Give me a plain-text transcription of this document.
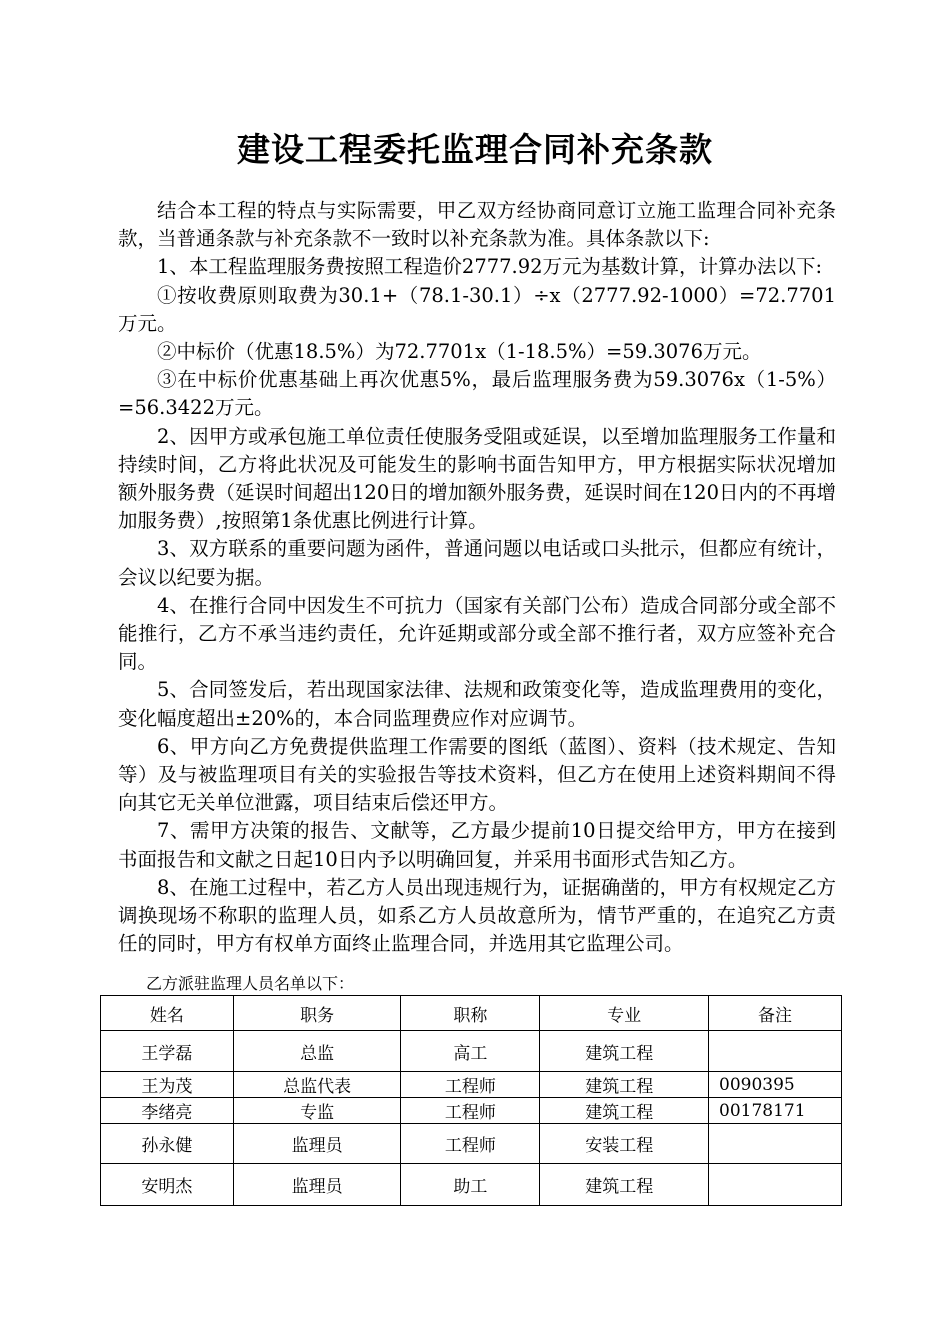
建设工程委托监理合同补充条款

结合本工程的特点与实际需要，甲乙双方经协商同意订立施工监理合同补充条款，当普通条款与补充条款不一致时以补充条款为准。具体条款以下:

1、本工程监理服务费按照工程造价2777.92万元为基数计算，计算办法以下:

①按收费原则取费为30.1+（78.1-30.1）÷x（2777.92-1000）=72.7701万元。

②中标价（优惠18.5%）为72.7701x（1-18.5%）=59.3076万元。

③在中标价优惠基础上再次优惠5%，最后监理服务费为59.3076x（1-5%）=56.3422万元。

2、因甲方或承包施工单位责任使服务受阻或延误，以至增加监理服务工作量和持续时间，乙方将此状况及可能发生的影响书面告知甲方，甲方根据实际状况增加额外服务费（延误时间超出120日的增加额外服务费，延误时间在120日内的不再增加服务费）,按照第1条优惠比例进行计算。

3、双方联系的重要问题为函件，普通问题以电话或口头批示，但都应有统计，会议以纪要为据。

4、在推行合同中因发生不可抗力（国家有关部门公布）造成合同部分或全部不能推行，乙方不承当违约责任，允许延期或部分或全部不推行者，双方应签补充合同。

5、合同签发后，若出现国家法律、法规和政策变化等，造成监理费用的变化，变化幅度超出±20%的，本合同监理费应作对应调节。

6、甲方向乙方免费提供监理工作需要的图纸（蓝图）、资料（技术规定、告知等）及与被监理项目有关的实验报告等技术资料，但乙方在使用上述资料期间不得向其它无关单位泄露，项目结束后偿还甲方。

7、需甲方决策的报告、文献等，乙方最少提前10日提交给甲方，甲方在接到书面报告和文献之日起10日内予以明确回复，并采用书面形式告知乙方。

8、在施工过程中，若乙方人员出现违规行为，证据确凿的，甲方有权规定乙方调换现场不称职的监理人员，如系乙方人员故意所为，情节严重的，在追究乙方责任的同时，甲方有权单方面终止监理合同，并选用其它监理公司。

乙方派驻监理人员名单以下：
姓名	职务	职称	专业	备注
王学磊	总监	高工	建筑工程	
王为茂	总监代表	工程师	建筑工程	0090395
李绪亮	专监	工程师	建筑工程	00178171
孙永健	监理员	工程师	安装工程	
安明杰	监理员	助工	建筑工程	
